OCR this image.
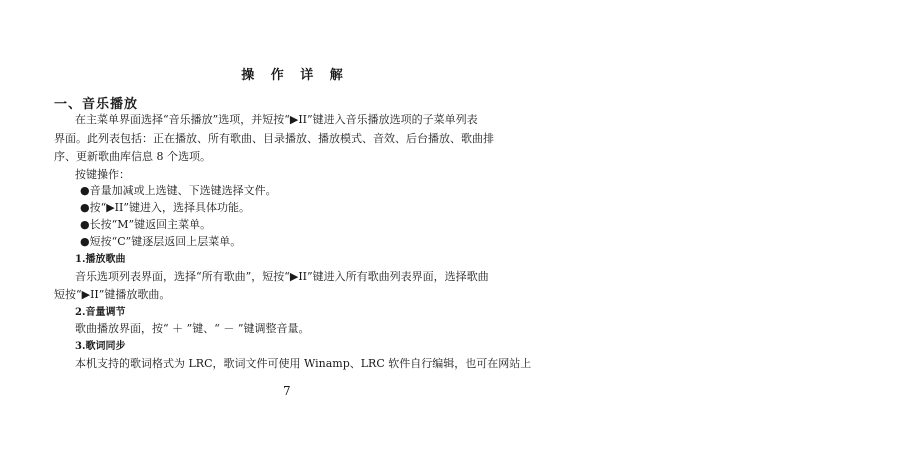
操 作 详 解
一、音乐播放
在主菜单界面选择“音乐播放”选项，并短按“▶II”键进入音乐播放选项的子菜单列表
界面。此列表包括：正在播放、所有歌曲、目录播放、播放模式、音效、后台播放、歌曲排
序、更新歌曲库信息 8 个选项。
按键操作：
●音量加减或上选键、下选键选择文件。
●按“▶II”键进入，选择具体功能。
●长按“M”键返回主菜单。
●短按“C”键逐层返回上层菜单。
1.播放歌曲
音乐选项列表界面，选择“所有歌曲”，短按“▶II”键进入所有歌曲列表界面，选择歌曲
短按“▶II”键播放歌曲。
2.音量调节
歌曲播放界面，按“ ＋ ”键、“ － ”键调整音量。
3.歌词同步
本机支持的歌词格式为 LRC，歌词文件可使用 Winamp、LRC 软件自行编辑，也可在网站上
7
